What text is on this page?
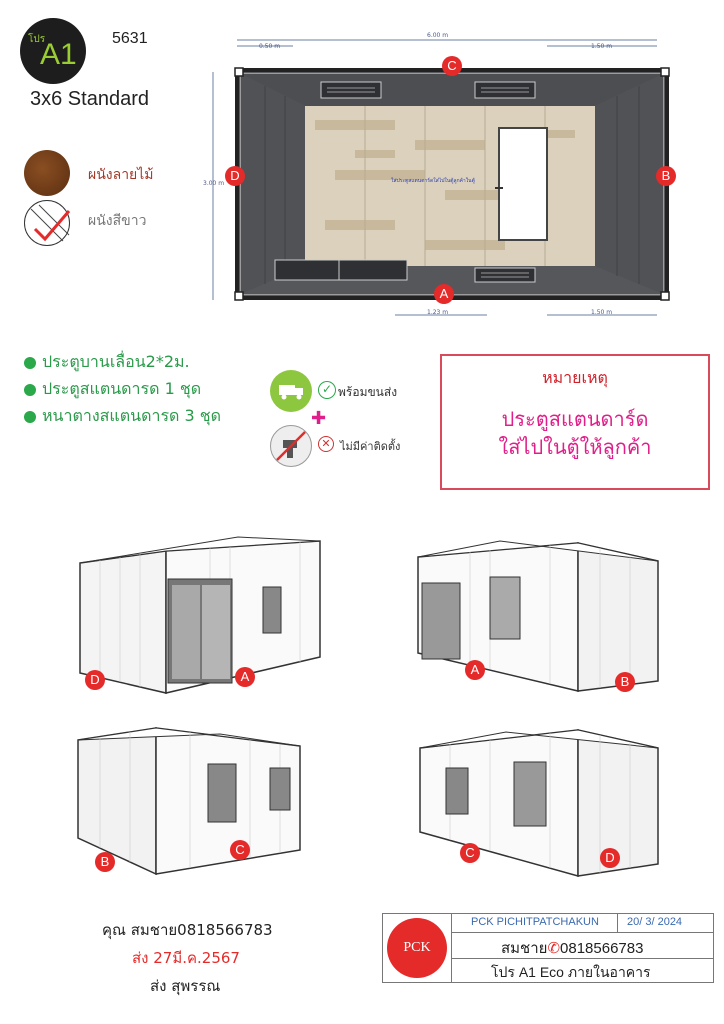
โปร
A1 5631
3x6 Standard
ผนังลายไม้
ผนังสีขาว
ใส่ประตูสแตนดาร์ดใส่ไปในตู้ลูกค้าในตู้
6.00 m
0.50 m	1.50 m
3.00 m
1.23 m	1.50 m
C
D	B
A
ประตูบานเลื่อน2*2ม.
ประตูสแตนดารด 1 ชุด
หนาตางสแตนดารด 3 ชุด
✓ พร้อมขนส่ง
✚
✕ ไม่มีค่าติดตั้ง
หมายเหตุ
ประตูสแตนดาร์ด
ใส่ไปในตู้ให้ลูกค้า
D	A	A
B
B
C	C	D
คุณ สมชาย0818566783
ส่ง 27มี.ค.2567
ส่ง สุพรรณ
PCK
PCK PICHITPATCHAKUN	20/ 3/ 2024
สมชาย✆0818566783
โปร A1 Eco ภายในอาคาร
